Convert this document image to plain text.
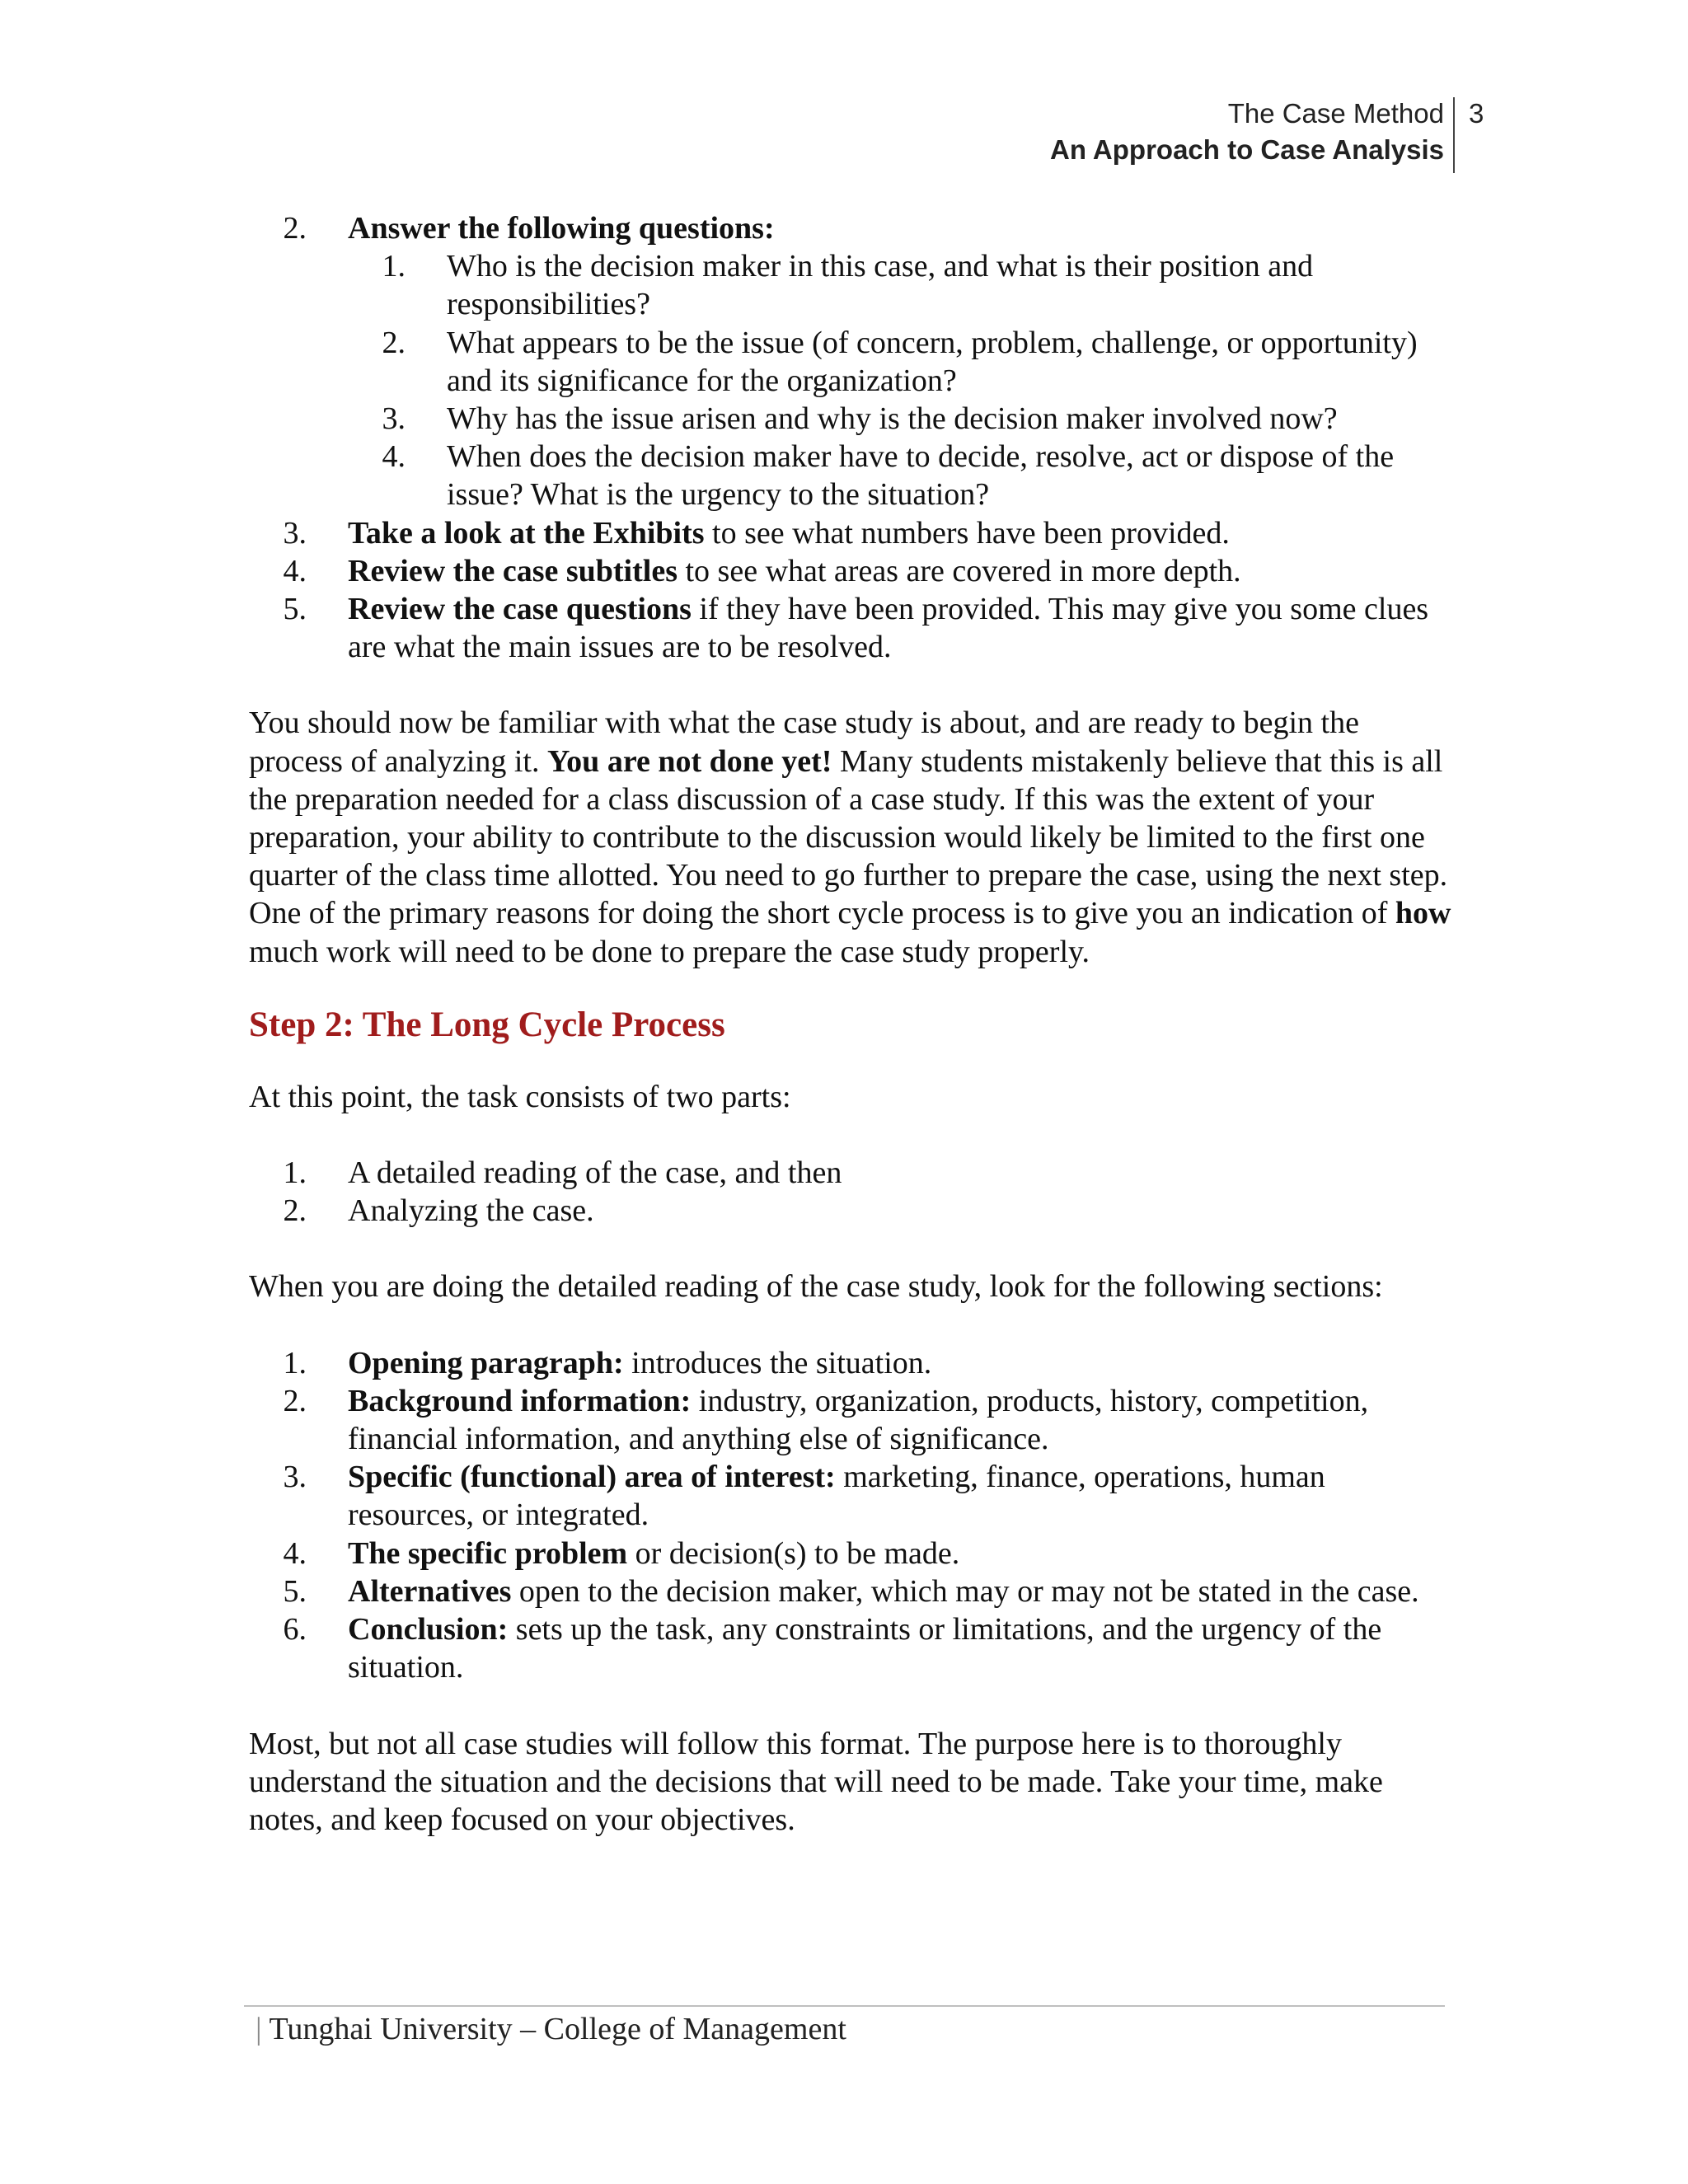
The Case Method
An Approach to Case Analysis
3
2. Answer the following questions:
1. Who is the decision maker in this case, and what is their position and responsibilities?
2. What appears to be the issue (of concern, problem, challenge, or opportunity) and its significance for the organization?
3. Why has the issue arisen and why is the decision maker involved now?
4. When does the decision maker have to decide, resolve, act or dispose of the issue? What is the urgency to the situation?
3. Take a look at the Exhibits to see what numbers have been provided.
4. Review the case subtitles to see what areas are covered in more depth.
5. Review the case questions if they have been provided. This may give you some clues are what the main issues are to be resolved.

You should now be familiar with what the case study is about, and are ready to begin the process of analyzing it. You are not done yet! Many students mistakenly believe that this is all the preparation needed for a class discussion of a case study. If this was the extent of your preparation, your ability to contribute to the discussion would likely be limited to the first one quarter of the class time allotted. You need to go further to prepare the case, using the next step. One of the primary reasons for doing the short cycle process is to give you an indication of how much work will need to be done to prepare the case study properly.

Step 2: The Long Cycle Process

At this point, the task consists of two parts:

1. A detailed reading of the case, and then
2. Analyzing the case.

When you are doing the detailed reading of the case study, look for the following sections:

1. Opening paragraph: introduces the situation.
2. Background information: industry, organization, products, history, competition, financial information, and anything else of significance.
3. Specific (functional) area of interest: marketing, finance, operations, human resources, or integrated.
4. The specific problem or decision(s) to be made.
5. Alternatives open to the decision maker, which may or may not be stated in the case.
6. Conclusion: sets up the task, any constraints or limitations, and the urgency of the situation.

Most, but not all case studies will follow this format. The purpose here is to thoroughly understand the situation and the decisions that will need to be made. Take your time, make notes, and keep focused on your objectives.

| Tunghai University – College of Management
